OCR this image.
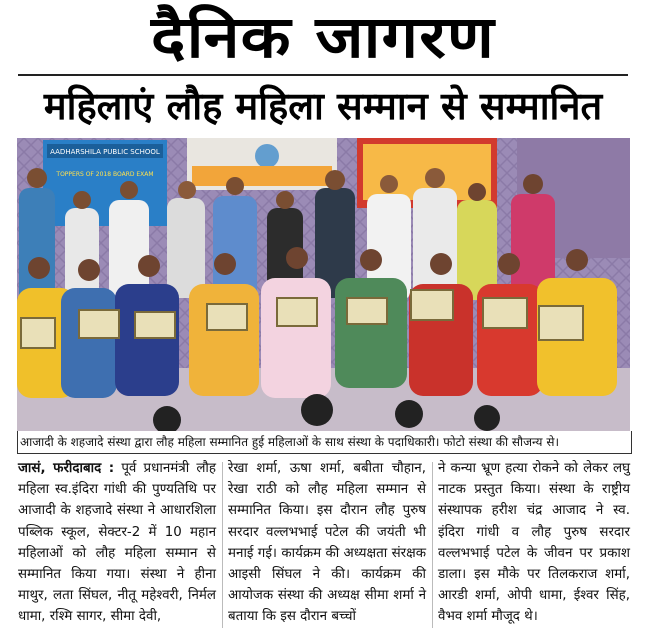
दैनिक जागरण
महिलाएं लौह महिला सम्मान से सम्मानित
AADHARSHILA PUBLIC SCHOOL
TOPPERS OF 2018 BOARD EXAM
आजादी के शहजादे संस्था द्वारा लौह महिला सम्मानित हुई महिलाओं के साथ संस्था के पदाधिकारी। फोटो संस्था की सौजन्य से।
जासं, फरीदाबाद : पूर्व प्रधानमंत्री लौह महिला स्व.इंदिरा गांधी की पुण्यतिथि पर आजादी के शहजादे संस्था ने आधारशिला पब्लिक स्कूल, सेक्टर-2 में 10 महान महिलाओं को लौह महिला सम्मान से सम्मानित किया गया। संस्था ने हीना माथुर, लता सिंघल, नीतू महेश्वरी, निर्मल धामा, रश्मि सागर, सीमा देवी,
रेखा शर्मा, ऊषा शर्मा, बबीता चौहान, रेखा राठी को लौह महिला सम्मान से सम्मानित किया। इस दौरान लौह पुरुष सरदार वल्लभभाई पटेल की जयंती भी मनाई गई। कार्यक्रम की अध्यक्षता संरक्षक आइसी सिंघल ने की। कार्यक्रम की आयोजक संस्था की अध्यक्ष सीमा शर्मा ने बताया कि इस दौरान बच्चों
ने कन्या भ्रूण हत्या रोकने को लेकर लघु नाटक प्रस्तुत किया। संस्था के राष्ट्रीय संस्थापक हरीश चंद्र आजाद ने स्व. इंदिरा गांधी व लौह पुरुष सरदार वल्लभभाई पटेल के जीवन पर प्रकाश डाला। इस मौके पर तिलकराज शर्मा, आरडी शर्मा, ओपी धामा, ईश्वर सिंह, वैभव शर्मा मौजूद थे।
